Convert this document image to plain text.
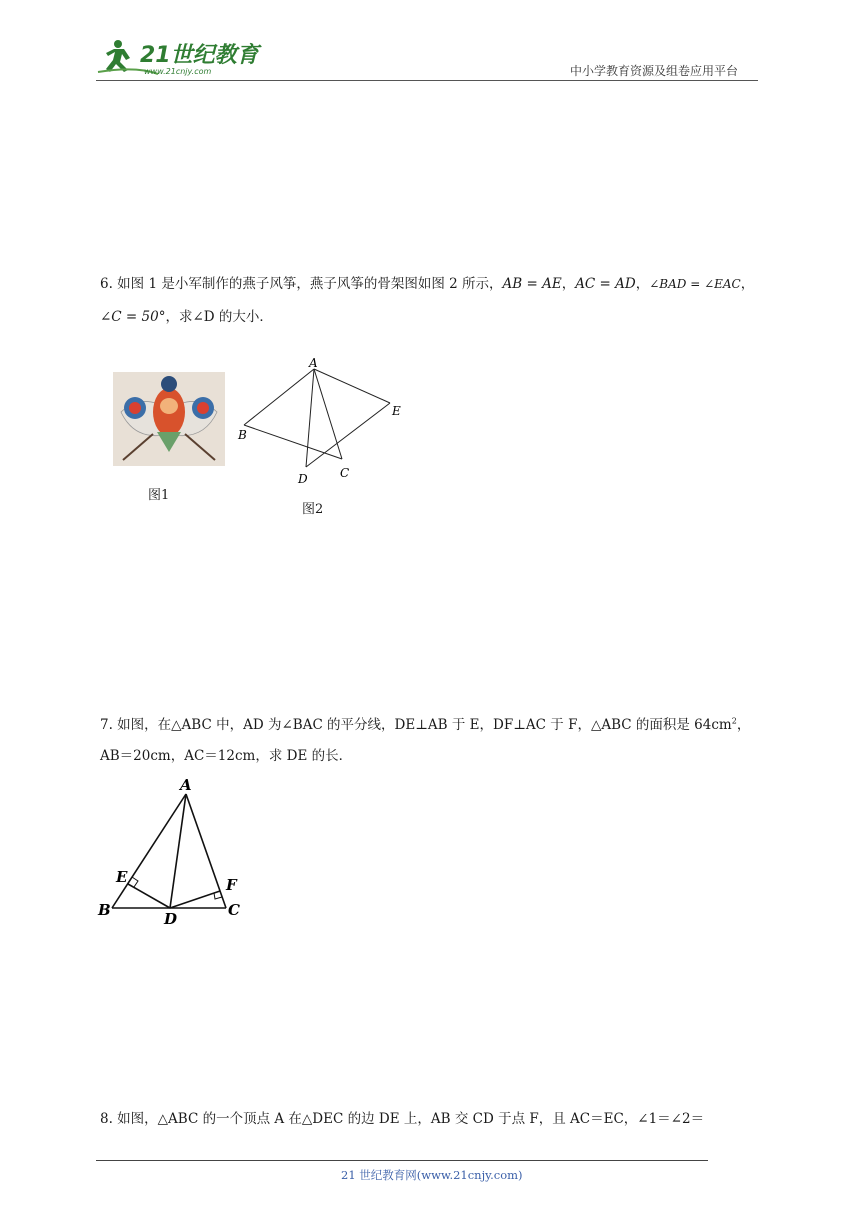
21世纪教育
www.21cnjy.com	中小学教育资源及组卷应用平台
6. 如图 1 是小军制作的燕子风筝，燕子风筝的骨架图如图 2 所示，AB = AE，AC = AD，∠BAD = ∠EAC，
∠C = 50°，求∠D 的大小．
图1
A
B
C
D
E
图2
7. 如图，在△ABC 中，AD 为∠BAC 的平分线，DE⊥AB 于 E，DF⊥AC 于 F，△ABC 的面积是 $64cm^2$，
AB＝20cm，AC＝12cm，求 DE 的长．
A
B	C
D
E	F
8. 如图，△ABC 的一个顶点 A 在△DEC 的边 DE 上，AB 交 CD 于点 F，且 AC＝EC，∠1＝∠2＝
21 世纪教育网(www.21cnjy.com)
